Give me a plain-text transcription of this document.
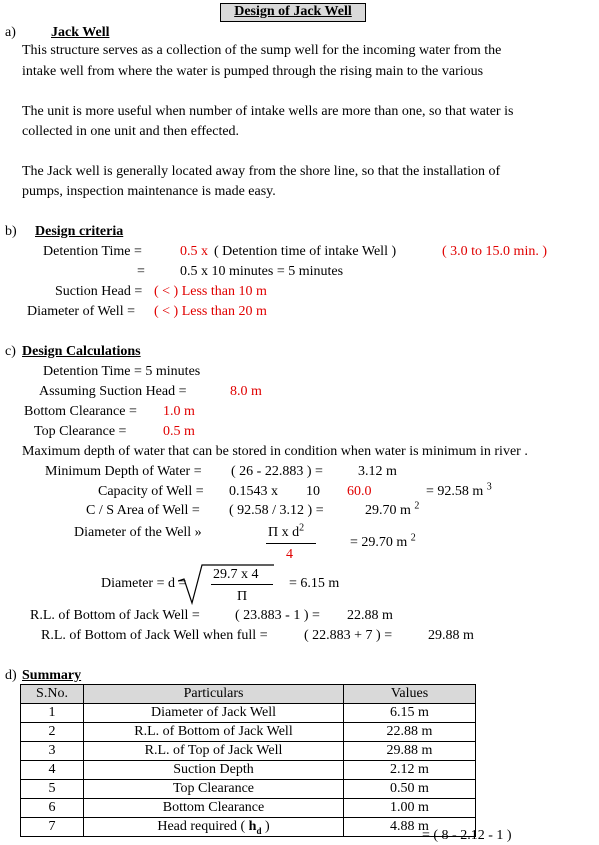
Design of Jack Well
a)	Jack Well
This structure serves as a collection of the sump well for the incoming water from the
intake well from where the water is pumped through the rising main to the various
The unit is more useful when number of intake wells are more than one, so that water is
collected in one unit and then effected.
The Jack well is generally located away from the shore line, so that the installation of
pumps, inspection maintenance is made easy.
b) Design criteria
Detention Time =	0.5 x ( Detention time of intake Well )	( 3.0 to 15.0 min. )
=	0.5 x 10 minutes = 5 minutes
Suction Head = ( < ) Less than 10 m
Diameter of Well = ( < ) Less than 20 m
c) Design Calculations
Detention Time = 5 minutes
Assuming Suction Head =	8.0 m
Bottom Clearance = 1.0 m
Top Clearance =	0.5 m
Maximum depth of water that can be stored in condition when water is minimum in river .
Minimum Depth of Water = ( 26 - 22.883 ) =	3.12 m
Capacity of Well = 0.1543 x 10 60.0	= 92.58 m $^3$
C / S Area of Well = ( 92.58 / 3.12 ) =	29.70 m $^2$
Diameter of the Well »	Π x $d^2$
4
= 29.70 m $^2$
Diameter = d =
29.7 x 4
Π
= 6.15 m
R.L. of Bottom of Jack Well =	( 23.883 - 1 ) = 22.88 m
R.L. of Bottom of Jack Well when full =	( 22.883 + 7 ) =	29.88 m
d) Summary
S.No.	Particulars	Values
1	Diameter of Jack Well	6.15 m
2	R.L. of Bottom of Jack Well	22.88 m
3	R.L. of Top of Jack Well	29.88 m
4	Suction Depth	2.12 m
5	Top Clearance	0.50 m
6	Bottom Clearance	1.00 m
7	Head required ( $h_d$ )	4.88 m
= ( 8 - 2.12 - 1 )
